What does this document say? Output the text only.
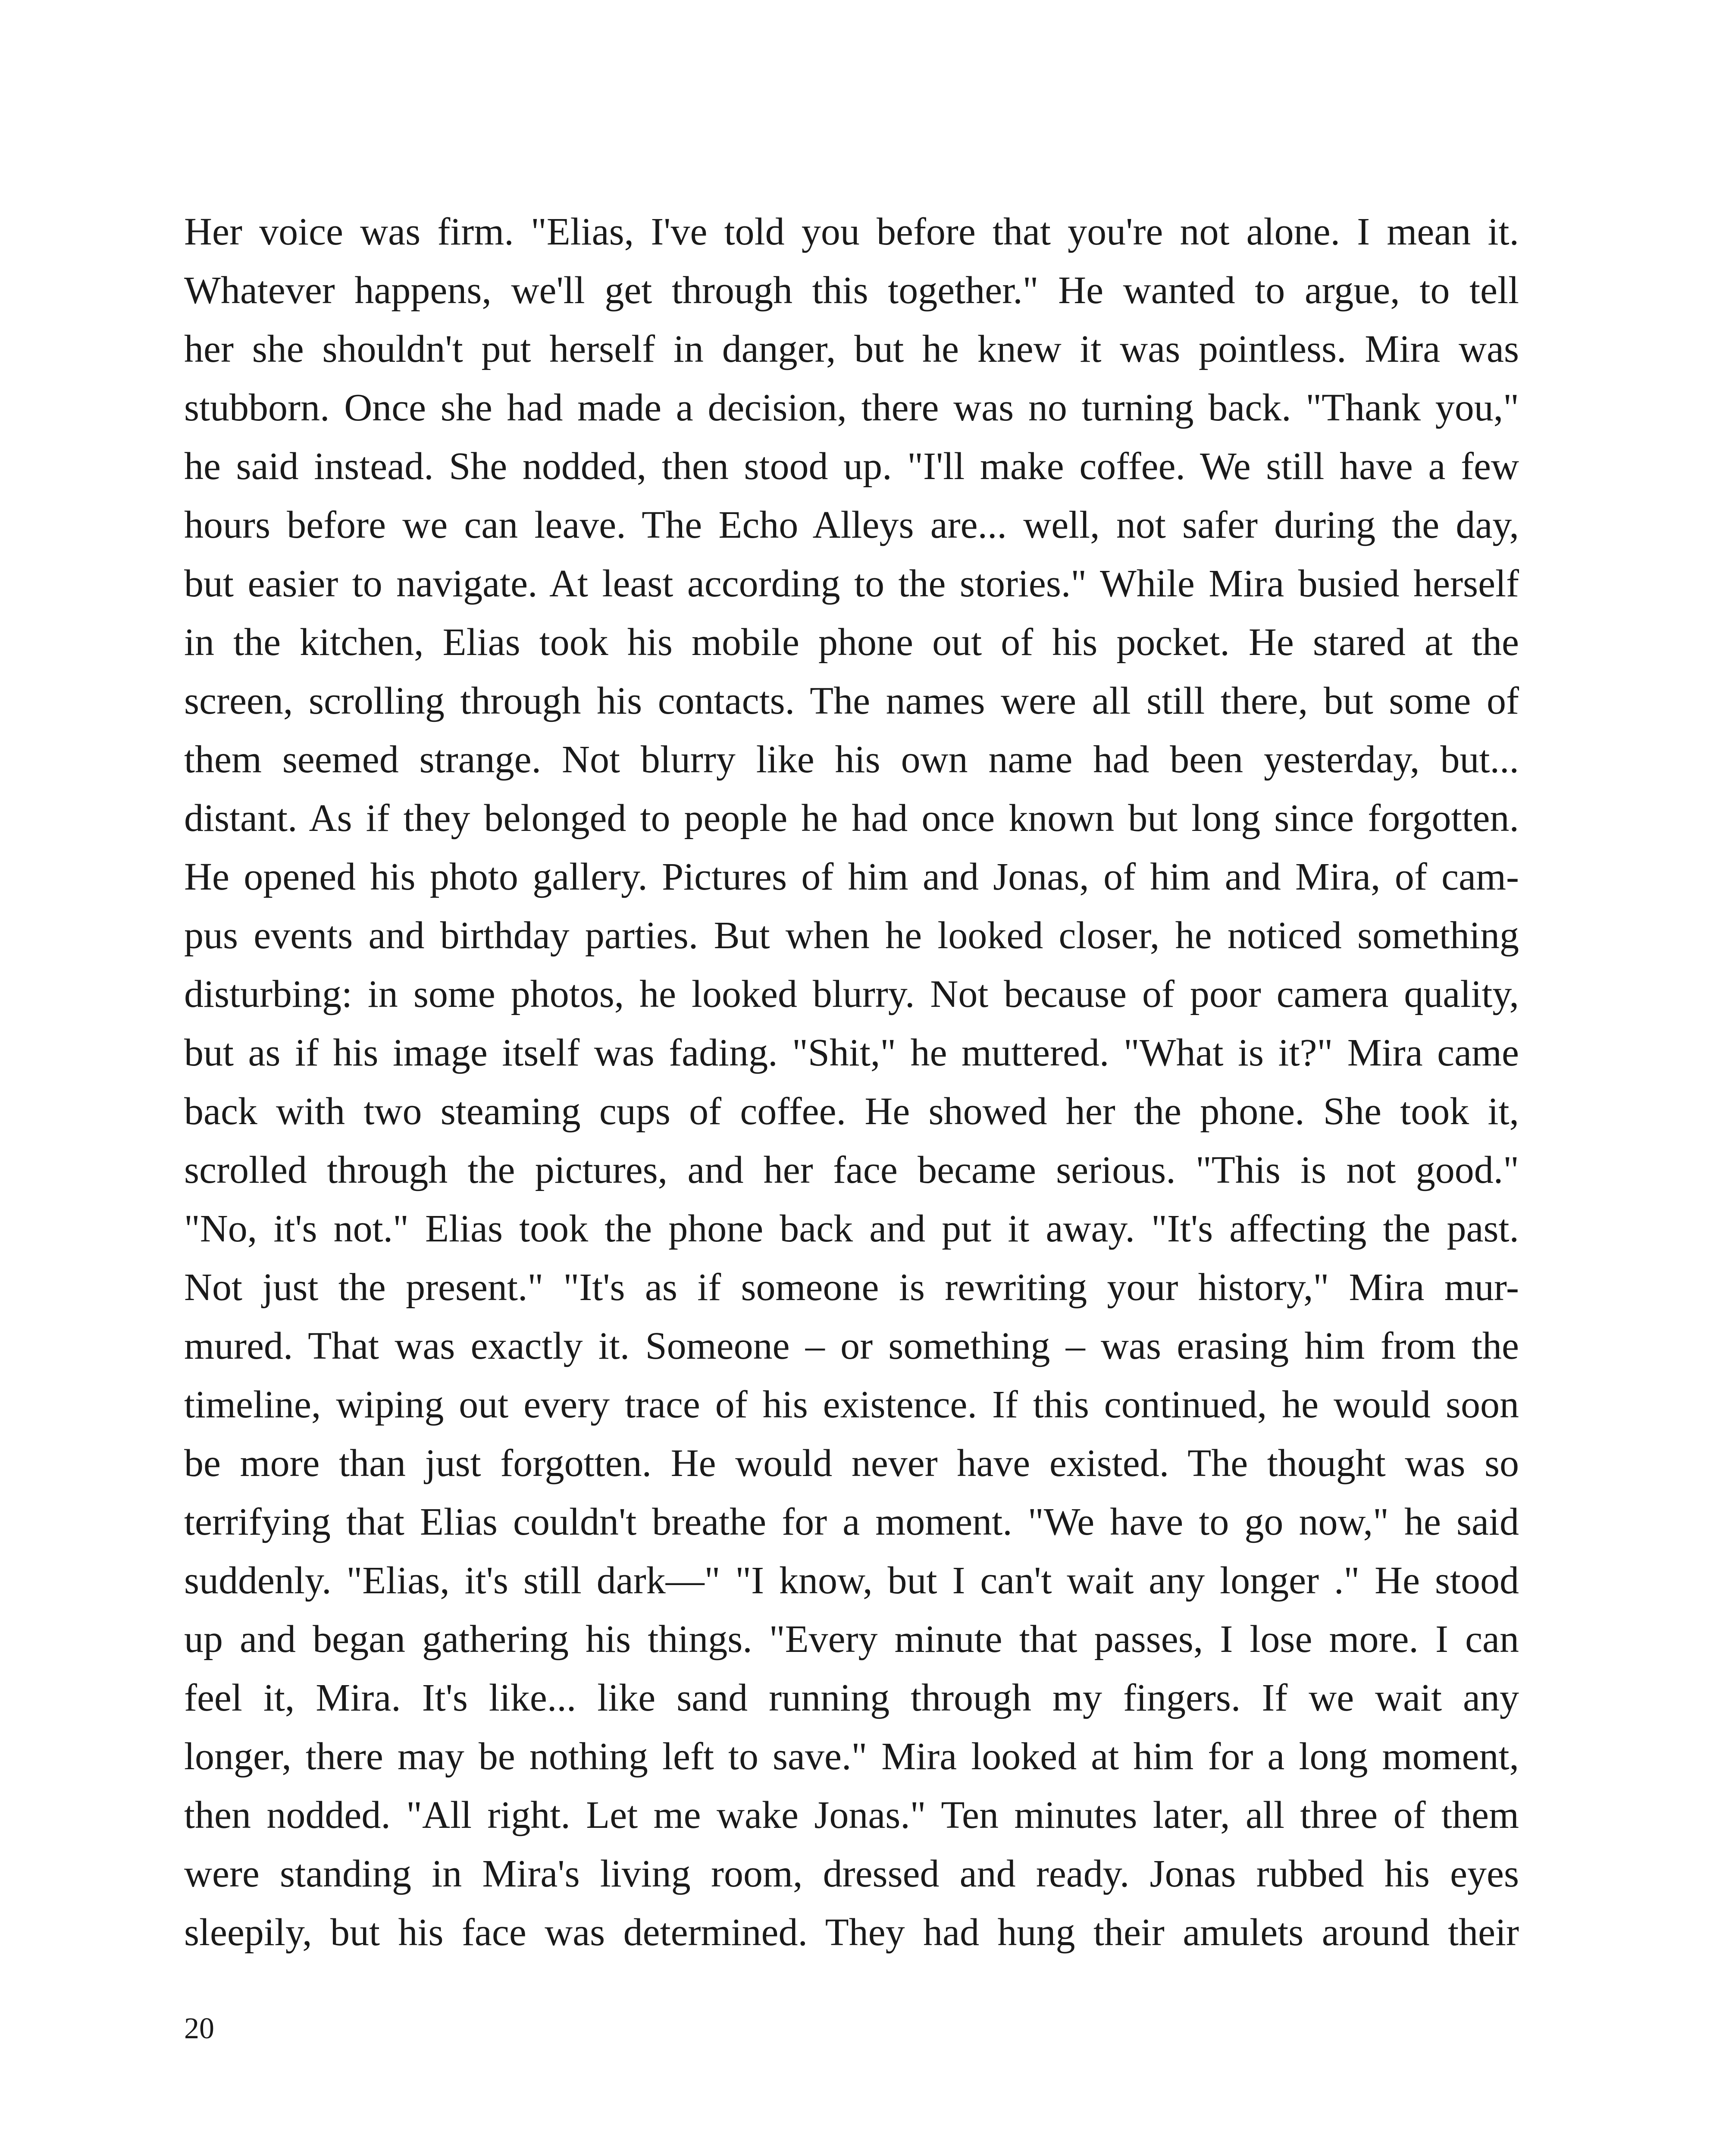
Her voice was firm. "Elias, I've told you before that you're not alone. I mean it.
Whatever happens, we'll get through this together." He wanted to argue, to tell
her she shouldn't put herself in danger, but he knew it was pointless. Mira was
stubborn. Once she had made a decision, there was no turning back. "Thank you,"
he said instead. She nodded, then stood up. "I'll make coffee. We still have a few
hours before we can leave. The Echo Alleys are... well, not safer during the day,
but easier to navigate. At least according to the stories." While Mira busied herself
in the kitchen, Elias took his mobile phone out of his pocket. He stared at the
screen, scrolling through his contacts. The names were all still there, but some of
them seemed strange. Not blurry like his own name had been yesterday, but...
distant. As if they belonged to people he had once known but long since forgotten.
He opened his photo gallery. Pictures of him and Jonas, of him and Mira, of cam-
pus events and birthday parties. But when he looked closer, he noticed something
disturbing: in some photos, he looked blurry. Not because of poor camera quality,
but as if his image itself was fading. "Shit," he muttered. "What is it?" Mira came
back with two steaming cups of coffee. He showed her the phone. She took it,
scrolled through the pictures, and her face became serious. "This is not good."
"No, it's not." Elias took the phone back and put it away. "It's affecting the past.
Not just the present." "It's as if someone is rewriting your history," Mira mur-
mured. That was exactly it. Someone – or something – was erasing him from the
timeline, wiping out every trace of his existence. If this continued, he would soon
be more than just forgotten. He would never have existed. The thought was so
terrifying that Elias couldn't breathe for a moment. "We have to go now," he said
suddenly. "Elias, it's still dark—" "I know, but I can't wait any longer ." He stood
up and began gathering his things. "Every minute that passes, I lose more. I can
feel it, Mira. It's like... like sand running through my fingers. If we wait any
longer, there may be nothing left to save." Mira looked at him for a long moment,
then nodded. "All right. Let me wake Jonas." Ten minutes later, all three of them
were standing in Mira's living room, dressed and ready. Jonas rubbed his eyes
sleepily, but his face was determined. They had hung their amulets around their
20
